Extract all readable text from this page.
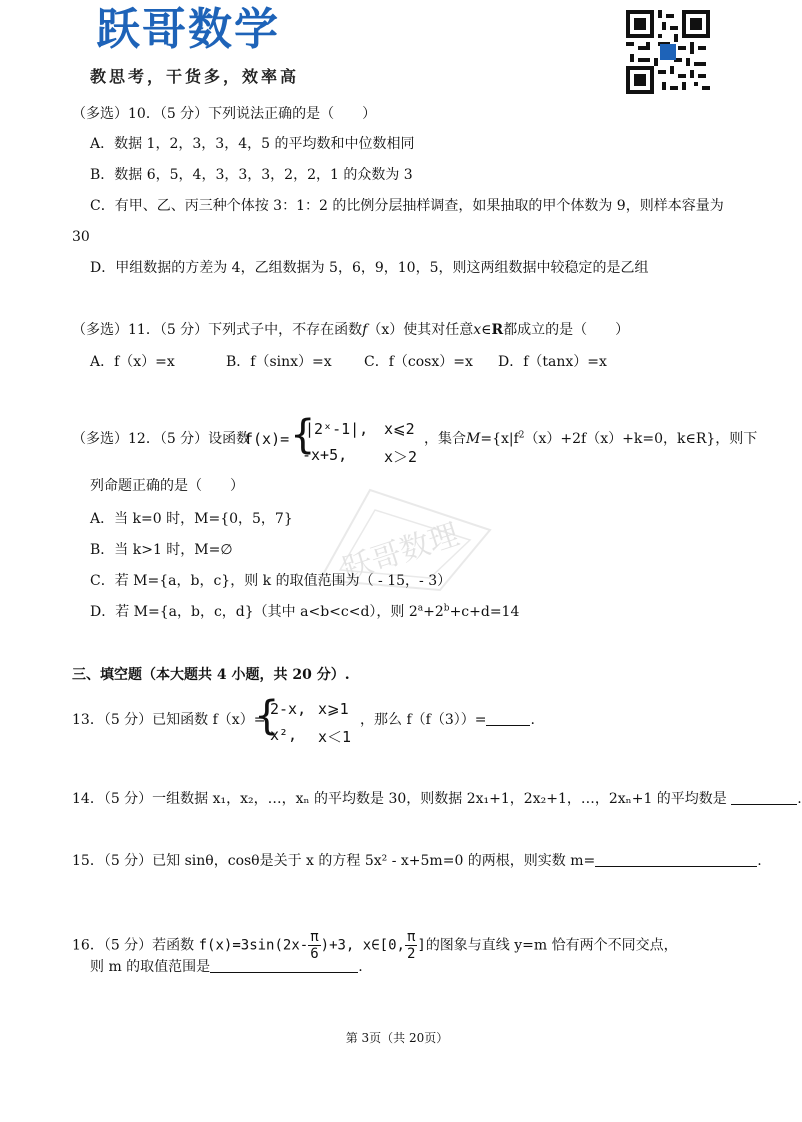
跃哥数学
教思考，干货多，效率高
跃哥数理
（多选）10．（5 分）下列说法正确的是（　　）
A．数据 1，2，3，3，4，5 的平均数和中位数相同
B．数据 6，5，4，3，3，3，2，2，1 的众数为 3
C．有甲、乙、丙三种个体按 3：1：2 的比例分层抽样调查，如果抽取的甲个体数为 9，则样本容量为
30
D．甲组数据的方差为 4，乙组数据为 5，6，9，10，5，则这两组数据中较稳定的是乙组
（多选）11．（5 分）下列式子中，不存在函数f（x）使其对任意x∈R都成立的是（　　）
A．f（x）=x	B．f（sinx）=x C．f（cosx）=x D．f（tanx）=x
（多选）12．（5 分）设函数
f(x)= {
|2ˣ-1|, x⩽2
-x+5, x＞2
，集合$M=\{x|f^2(x)+2f(x)+k=0$，k∈R}，则下
列命题正确的是（　　）
A．当 k=0 时，M={0，5，7}
B．当 k>1 时，M=∅
C．若 M={a，b，c}，则 k 的取值范围为（ - 15，- 3）
D．若 M={a，b，c，d}（其中 a<b<c<d），则 $2^a+2^b+c+d=14$
三、填空题（本大题共 4 小题，共 20 分）.
13．（5 分）已知函数 f（x）=
{
2-x, x⩾1
x², x＜1
，那么 f（f（3））=	.
14．（5 分）一组数据 x₁，x₂，…，xₙ 的平均数是 30，则数据 2x₁+1，2x₂+1，…，2xₙ+1 的平均数是	.
15．（5 分）已知 sinθ，cosθ是关于 x 的方程 5x² - x+5m=0 的两根，则实数 m=	.
16．（5 分）若函数 $f(x)=3\sin(2x- \frac{\pi}{6} )+3$, x∈[0, $\frac{\pi}{2}$ ]的图象与直线 y=m 恰有两个不同交点，
则 m 的取值范围是	.
第 3页（共 20页）
